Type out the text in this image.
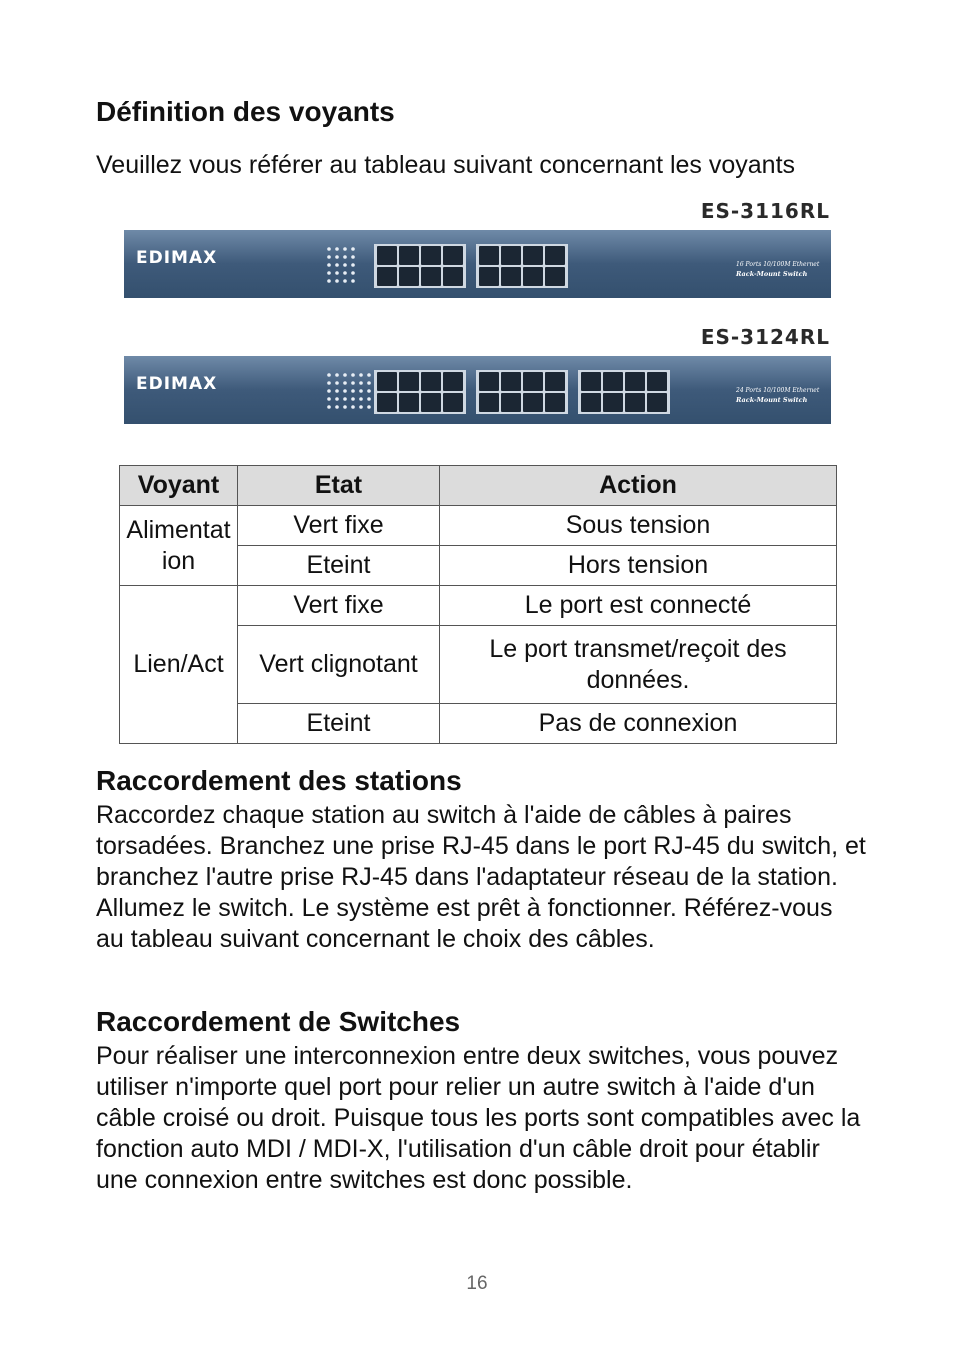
Définition des voyants

Veuillez vous référer au tableau suivant concernant les voyants

ES-3116RL
EDIMAX	16 Ports 10/100M Ethernet
Rack-Mount Switch
ES-3124RL
EDIMAX	24 Ports 10/100M Ethernet
Rack-Mount Switch
Voyant	Etat	Action
Alimentation	Vert fixe	Sous tension
	Eteint	Hors tension
Lien/Act	Vert fixe	Le port est connecté
	Vert clignotant	Le port transmet/reçoit des données.
	Eteint	Pas de connexion
Raccordement des stations

Raccordez chaque station au switch à l'aide de câbles à paires torsadées. Branchez une prise RJ-45 dans le port RJ-45 du switch, et branchez l'autre prise RJ-45 dans l'adaptateur réseau de la station. Allumez le switch. Le système est prêt à fonctionner. Référez-vous au tableau suivant concernant le choix des câbles.

Raccordement de Switches

Pour réaliser une interconnexion entre deux switches, vous pouvez utiliser n'importe quel port pour relier un autre switch à l'aide d'un câble croisé ou droit. Puisque tous les ports sont compatibles avec la fonction auto MDI / MDI-X, l'utilisation d'un câble droit pour établir une connexion entre switches est donc possible.

16
